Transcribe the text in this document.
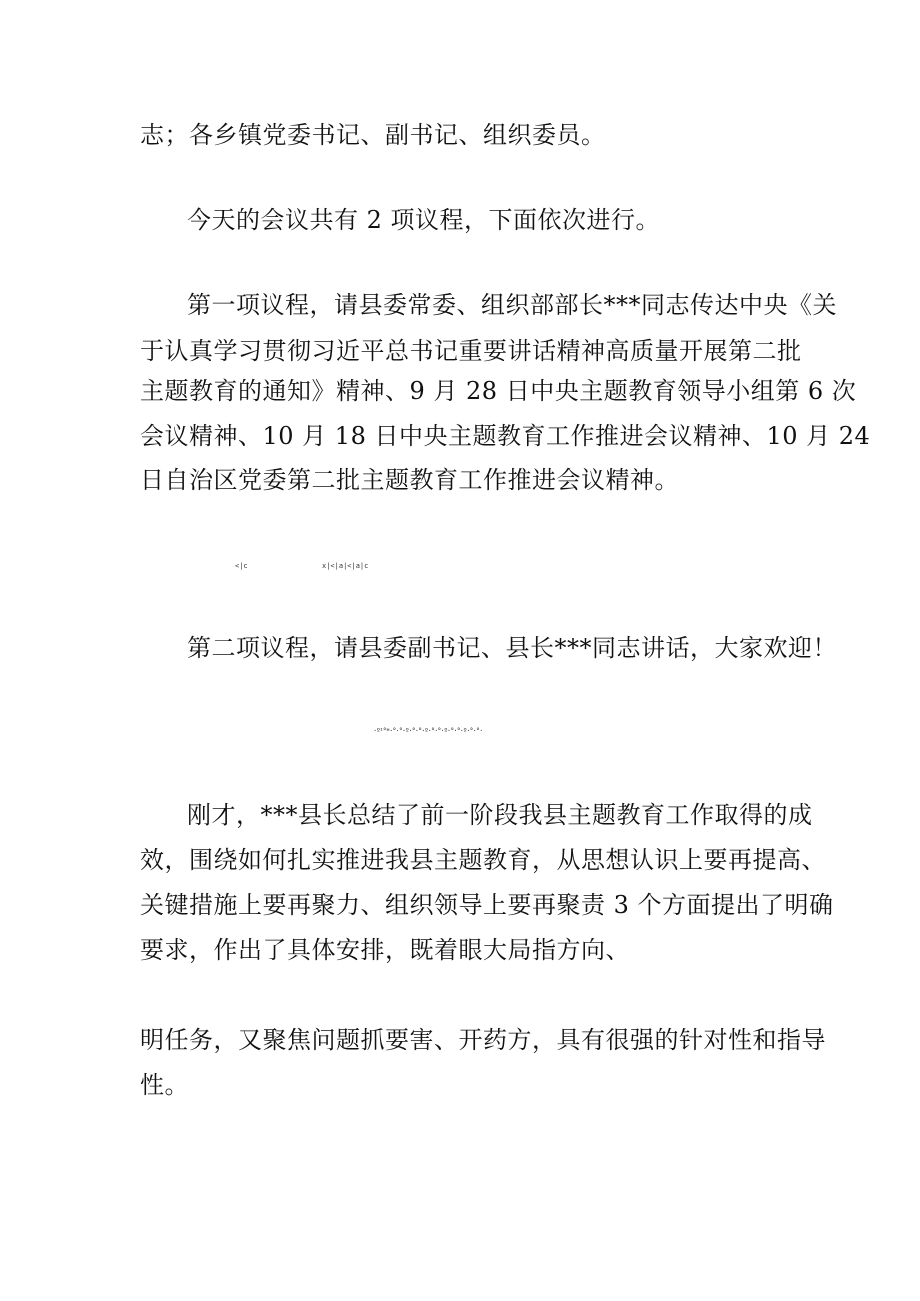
志；各乡镇党委书记、副书记、组织委员。
今天的会议共有 2 项议程，下面依次进行。
第一项议程，请县委常委、组织部部长***同志传达中央《关
于认真学习贯彻习近平总书记重要讲话精神高质量开展第二批
主题教育的通知》精神、9 月 28 日中央主题教育领导小组第 6 次
会议精神、10 月 18 日中央主题教育工作推进会议精神、10 月 24
日自治区党委第二批主题教育工作推进会议精神。
<|c	x|<|a|<|a|c
第二项议程，请县委副书记、县长***同志讲话，大家欢迎！
·º¹°*·°·°·º·°·°·º·°·°·º·°·°·º·°·°·
刚才，***县长总结了前一阶段我县主题教育工作取得的成
效，围绕如何扎实推进我县主题教育，从思想认识上要再提高、
关键措施上要再聚力、组织领导上要再聚责 3 个方面提出了明确
要求，作出了具体安排，既着眼大局指方向、
明任务，又聚焦问题抓要害、开药方，具有很强的针对性和指导
性。
